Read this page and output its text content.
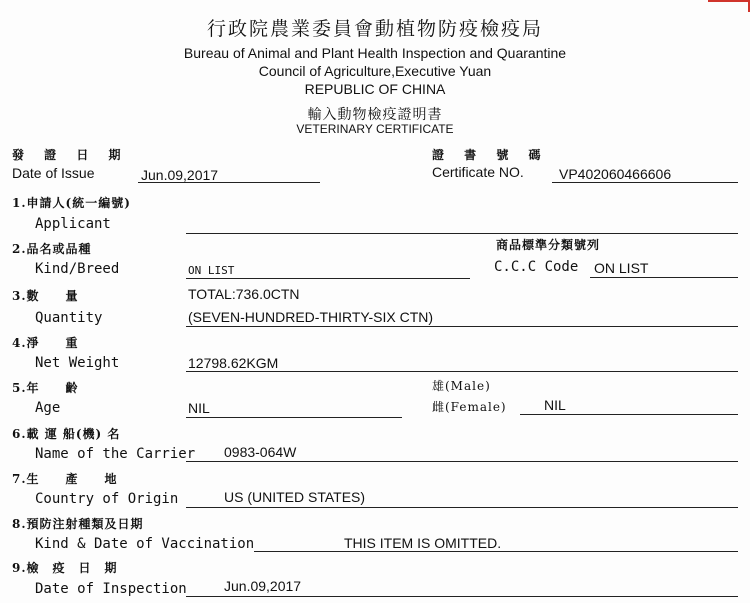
行政院農業委員會動植物防疫檢疫局
Bureau of Animal and Plant Health Inspection and Quarantine
Council of Agriculture,Executive Yuan
REPUBLIC OF CHINA
輸入動物檢疫證明書
VETERINARY CERTIFICATE
發 證 日 期
Date of Issue	Jun.09,2017
證 書 號 碼
Certificate NO.	VP402060466606
1.申請人(統一編號)
Applicant
2.品名或品種
Kind/Breed	ON LIST
商品標準分類號列
C.C.C Code ON LIST
3.數　　量
Quantity
TOTAL:736.0CTN
(SEVEN-HUNDRED-THIRTY-SIX CTN)
4.淨　　重
Net Weight	12798.62KGM
5.年　　齡
Age	NIL
雄(Male)
雌(Female)	NIL
6.載 運 船(機) 名
Name of the Carrier 0983-064W
7.生　　產　　地
Country of Origin	US (UNITED STATES)
8.預防注射種類及日期
Kind & Date of Vaccination	THIS ITEM IS OMITTED.
9.檢　疫　日　期
Date of Inspection	Jun.09,2017
